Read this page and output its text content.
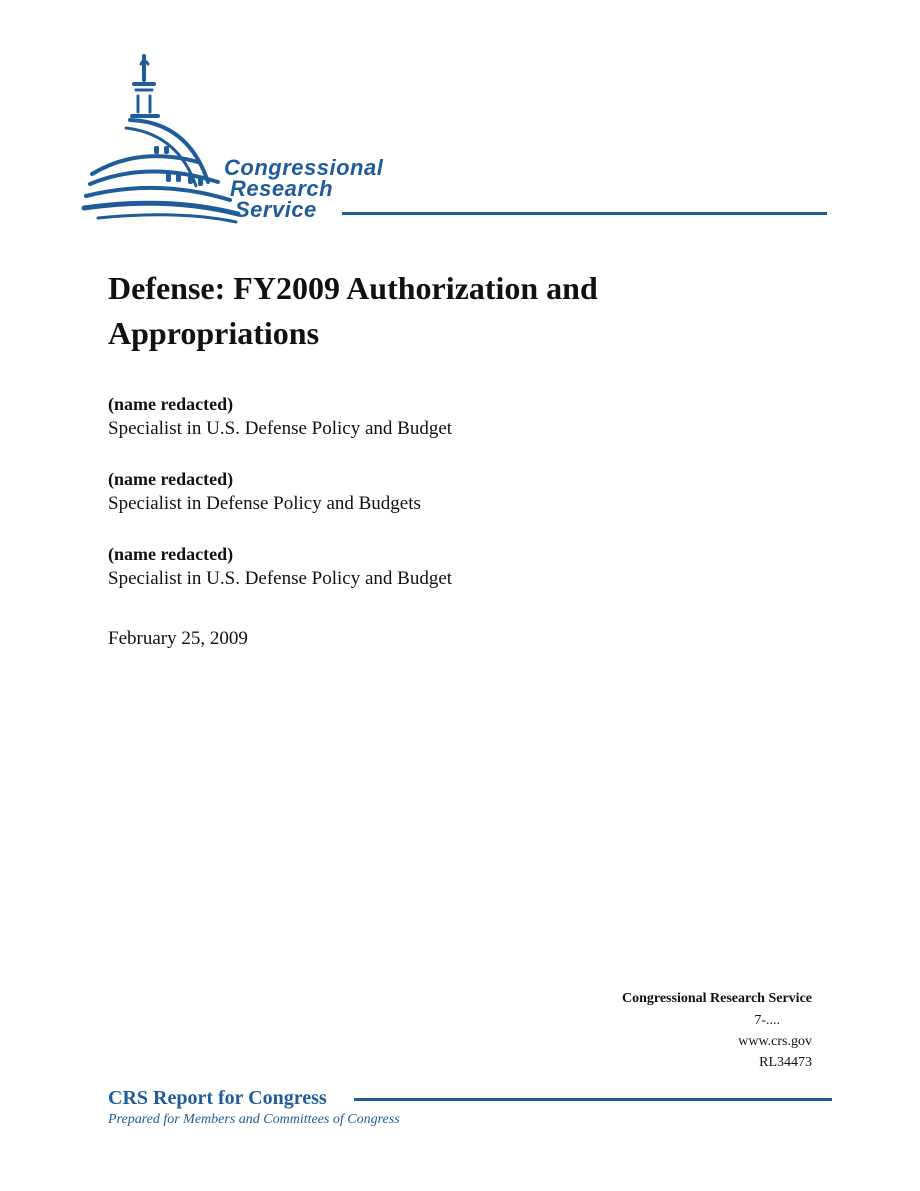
Congressional
Research
Service
Defense: FY2009 Authorization and
Appropriations
(name redacted)
Specialist in U.S. Defense Policy and Budget
(name redacted)
Specialist in Defense Policy and Budgets
(name redacted)
Specialist in U.S. Defense Policy and Budget
February 25, 2009
Congressional Research Service
7-....
www.crs.gov
RL34473
CRS Report for Congress
Prepared for Members and Committees of Congress
